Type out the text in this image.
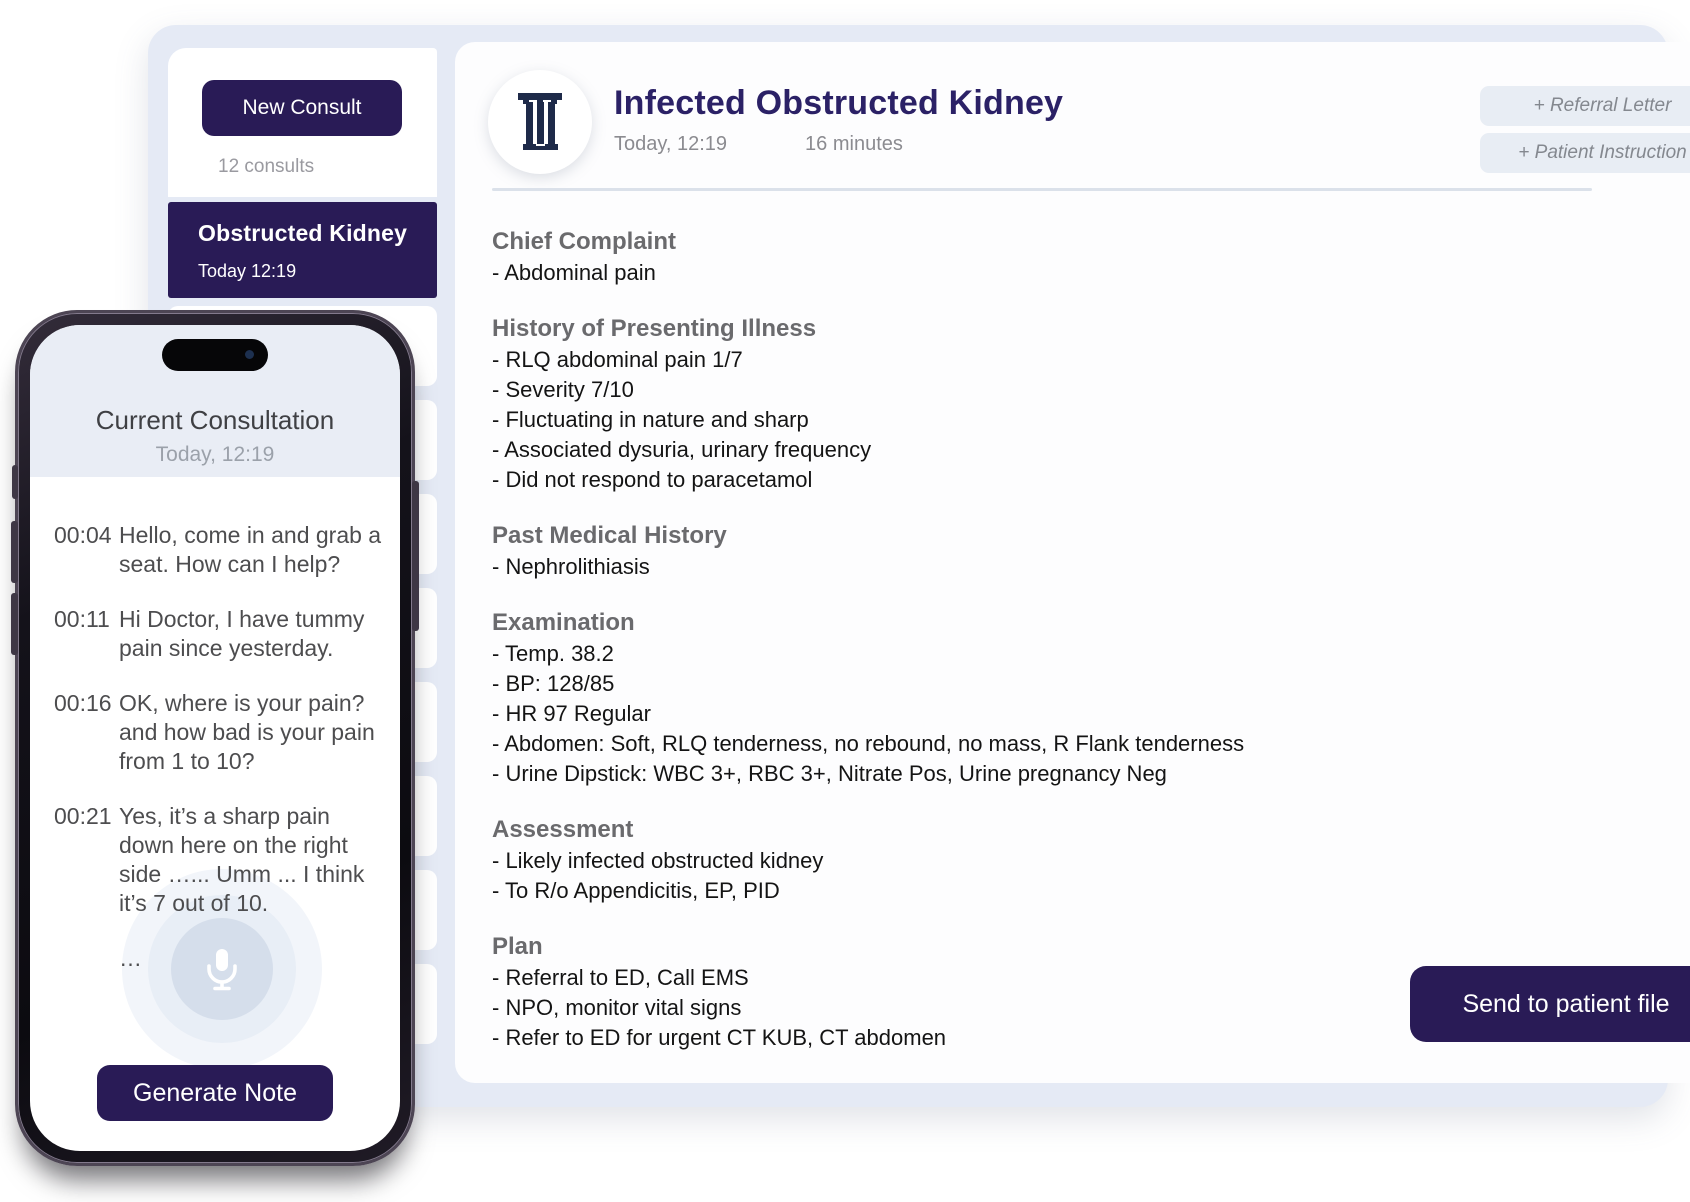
New Consult
12 consults
Obstructed Kidney
Today 12:19
Infected Obstructed Kidney
Today, 12:19	16 minutes
+ Referral Letter
+ Patient Instruction
Chief Complaint
- Abdominal pain
History of Presenting Illness
- RLQ abdominal pain 1/7
- Severity 7/10
- Fluctuating in nature and sharp
- Associated dysuria, urinary frequency
- Did not respond to paracetamol
Past Medical History
- Nephrolithiasis
Examination
- Temp. 38.2
- BP: 128/85
- HR 97 Regular
- Abdomen: Soft, RLQ tenderness, no rebound, no mass, R Flank tenderness
- Urine Dipstick: WBC 3+, RBC 3+, Nitrate Pos, Urine pregnancy Neg
Assessment
- Likely infected obstructed kidney
- To R/o Appendicitis, EP, PID
Plan
- Referral to ED, Call EMS
- NPO, monitor vital signs
- Refer to ED for urgent CT KUB, CT abdomen
Send to patient file
Current Consultation
Today, 12:19
00:04 Hello, come in and grab a seat. How can I help?
00:11 Hi Doctor, I have tummy pain since yesterday.
00:16 OK, where is your pain? and how bad is your pain from 1 to 10?
00:21 Yes, it’s a sharp pain down here on the right side …... Umm ... I think it’s 7 out of 10.
…
Generate Note
